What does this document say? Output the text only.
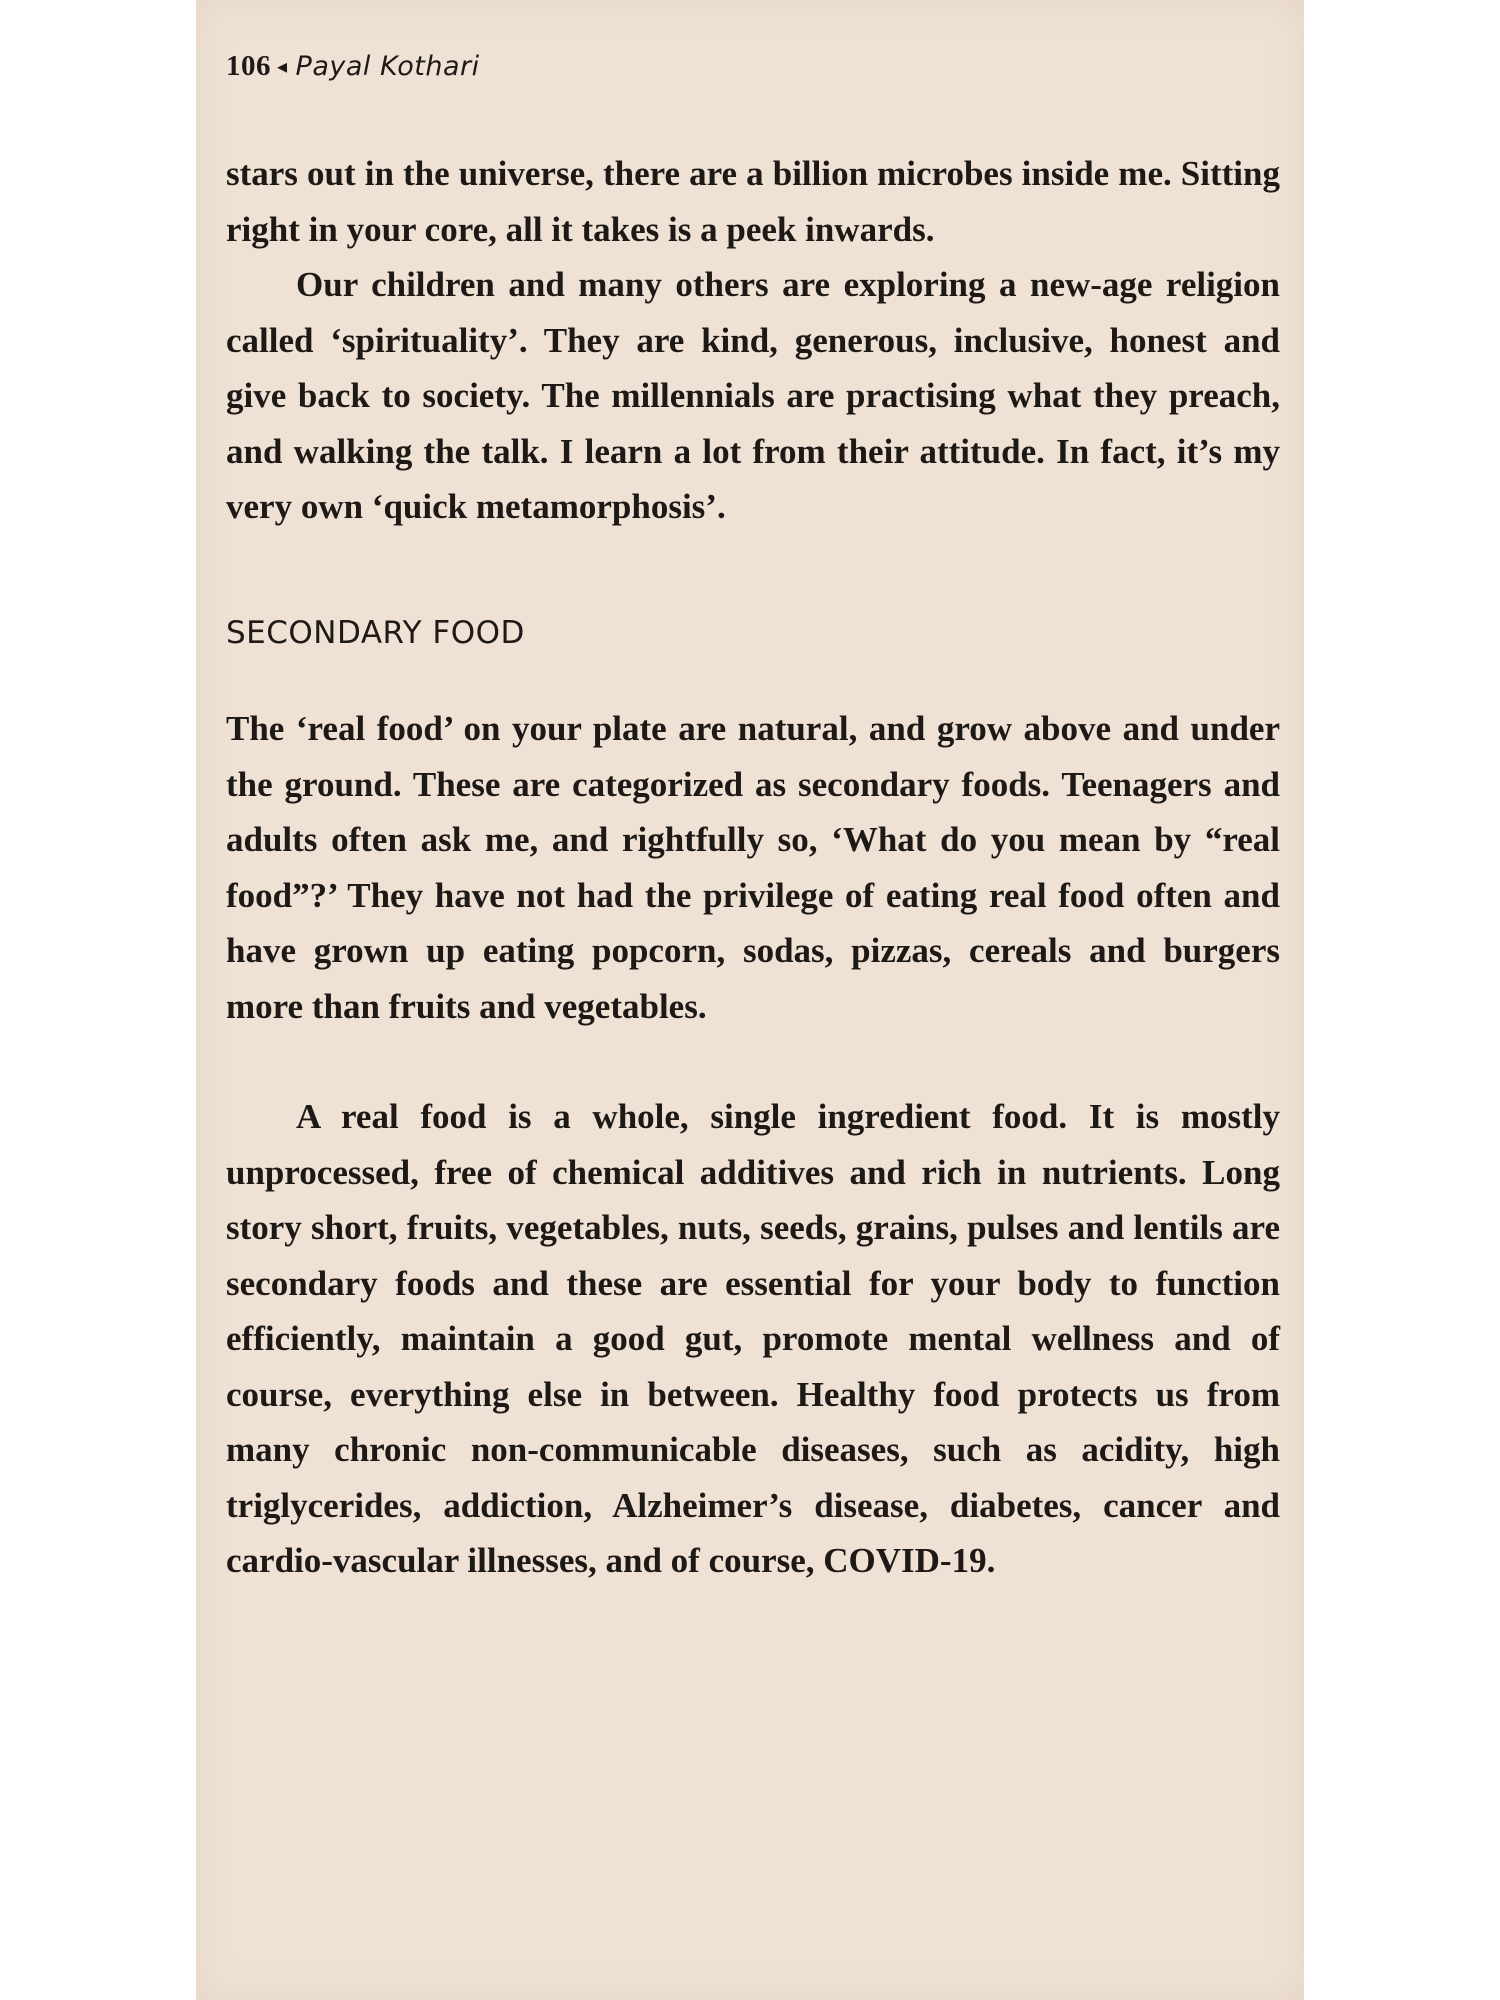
106 ◂ Payal Kothari

stars out in the universe, there are a billion microbes inside me. Sitting right in your core, all it takes is a peek inwards.

Our children and many others are exploring a new-age religion called ‘spirituality’. They are kind, generous, inclusive, honest and give back to society. The millennials are practising what they preach, and walking the talk. I learn a lot from their attitude. In fact, it’s my very own ‘quick metamorphosis’.

SECONDARY FOOD

The ‘real food’ on your plate are natural, and grow above and under the ground. These are categorized as secondary foods. Teenagers and adults often ask me, and rightfully so, ‘What do you mean by “real food”?’ They have not had the privilege of eating real food often and have grown up eating popcorn, sodas, pizzas, cereals and burgers more than fruits and vegetables.

A real food is a whole, single ingredient food. It is mostly unprocessed, free of chemical additives and rich in nutrients. Long story short, fruits, vegetables, nuts, seeds, grains, pulses and lentils are secondary foods and these are essential for your body to function efficiently, maintain a good gut, promote mental wellness and of course, everything else in between. Healthy food protects us from many chronic non-communicable diseases, such as acidity, high triglycerides, addiction, Alzheimer’s disease, diabetes, cancer and cardio-vascular illnesses, and of course, COVID-19.
